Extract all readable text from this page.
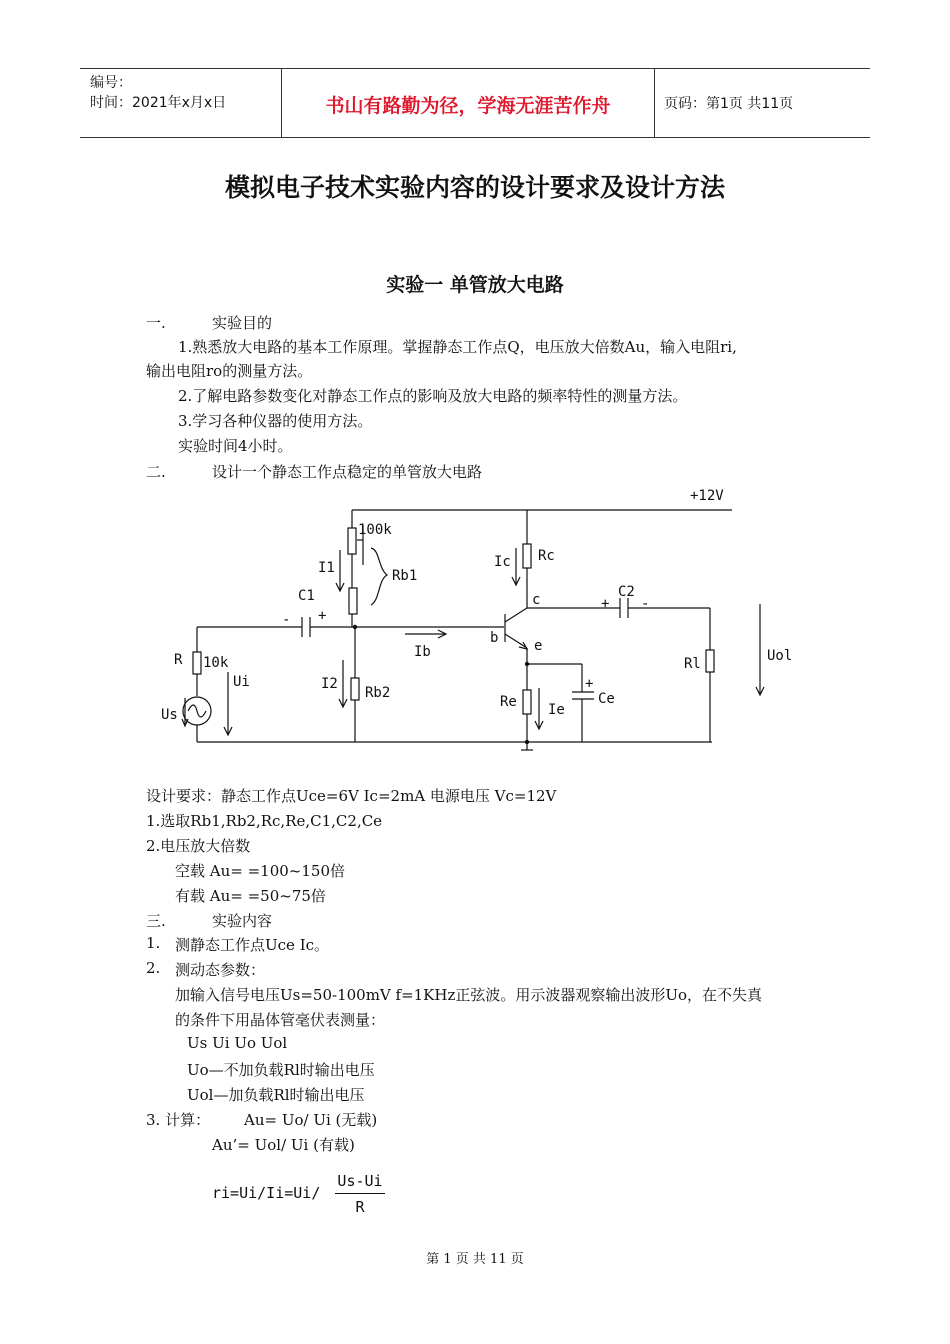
编号：
时间：2021年x月x日	书山有路勤为径，学海无涯苦作舟	页码：第1页 共11页
模拟电子技术实验内容的设计要求及设计方法
实验一 单管放大电路
一.	实验目的
1.熟悉放大电路的基本工作原理。掌握静态工作点Q，电压放大倍数Au，输入电阻ri,
输出电阻ro的测量方法。
2.了解电路参数变化对静态工作点的影响及放大电路的频率特性的测量方法。
3.学习各种仪器的使用方法。
实验时间4小时。
二.	设计一个静态工作点稳定的单管放大电路
+12V
100k
I1	Rb1
Ic Rc
c	C2
+ -
C1
- +
R 10k
Ib
b	e
Rl	Uol
Ui	I2
Rb2
+
Ce
Re Ie
Us
设计要求：静态工作点Uce=6V Ic=2mA 电源电压 Vc=12V
1.选取Rb1,Rb2,Rc,Re,C1,C2,Ce
2.电压放大倍数
空载 Au= =100~150倍
有载 Au= =50~75倍
三.	实验内容
1. 测静态工作点Uce Ic。
2. 测动态参数：
加输入信号电压Us=50-100mV f=1KHz正弦波。用示波器观察输出波形Uo，在不失真
的条件下用晶体管毫伏表测量：
Us Ui Uo Uol
Uo—不加负载Rl时输出电压
Uol—加负载Rl时输出电压
3. 计算： Au= Uo/ Ui (无载)
Au’= Uol/ Ui (有载)
ri=Ui/Ii=Ui/
Us-Ui
R
第 1 页 共 11 页
